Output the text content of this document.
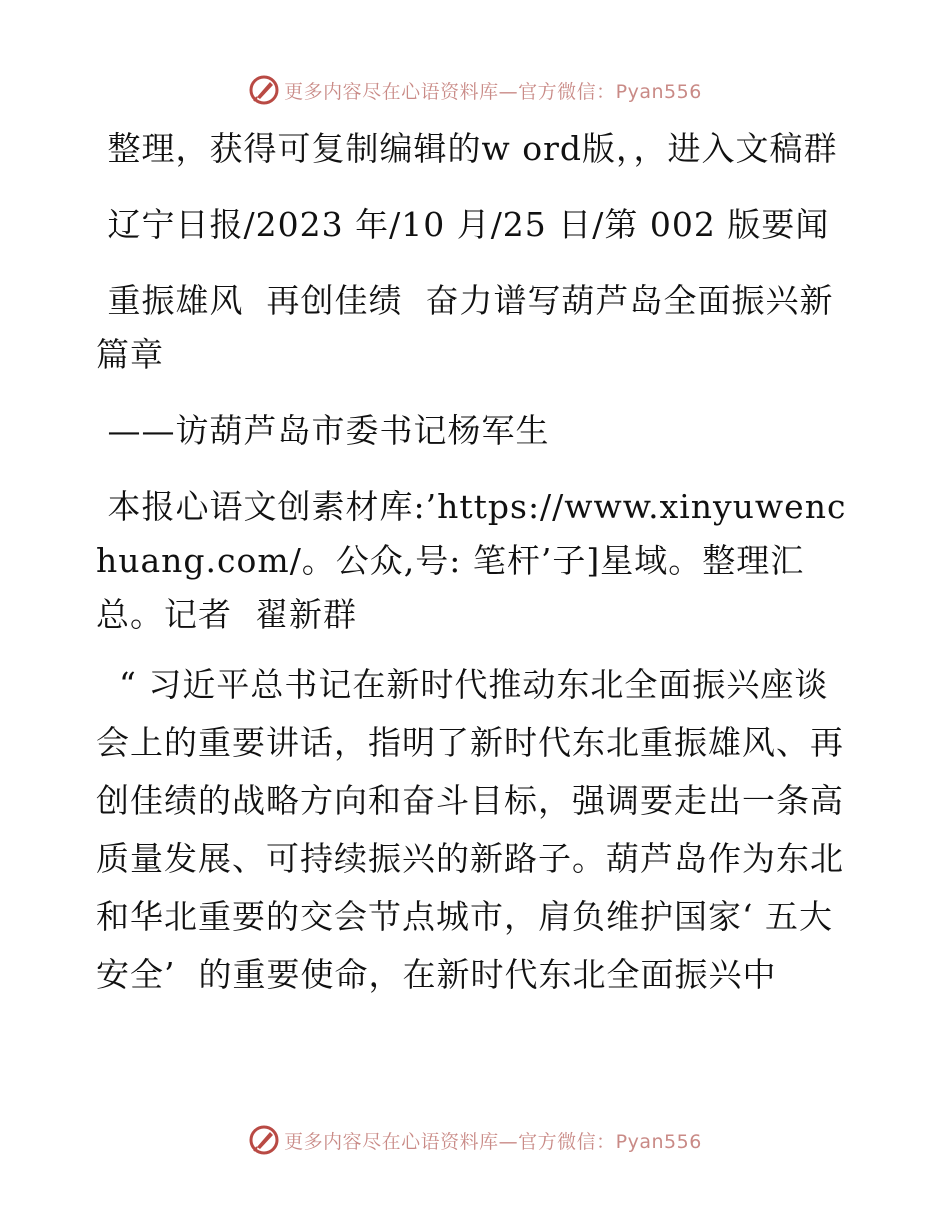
更多内容尽在心语资料库—官方微信：Pyan556

整理，获得可复制编辑的w ord版，，进入文稿群

辽宁日报/2023 年/10 月/25 日/第 002 版要闻

重振雄风  再创佳绩  奋力谱写葫芦岛全面振兴新篇章

——访葫芦岛市委书记杨军生

本报心语文创素材库:’https://www.xinyuwenchuang.com/。公众,号: 笔杆’子]星域。整理汇总。记者  翟新群

“ 习近平总书记在新时代推动东北全面振兴座谈会上的重要讲话，指明了新时代东北重振雄风、再创佳绩的战略方向和奋斗目标，强调要走出一条高质量发展、可持续振兴的新路子。葫芦岛作为东北和华北重要的交会节点城市，肩负维护国家‘ 五大安全’  的重要使命，在新时代东北全面振兴中

更多内容尽在心语资料库—官方微信：Pyan556
